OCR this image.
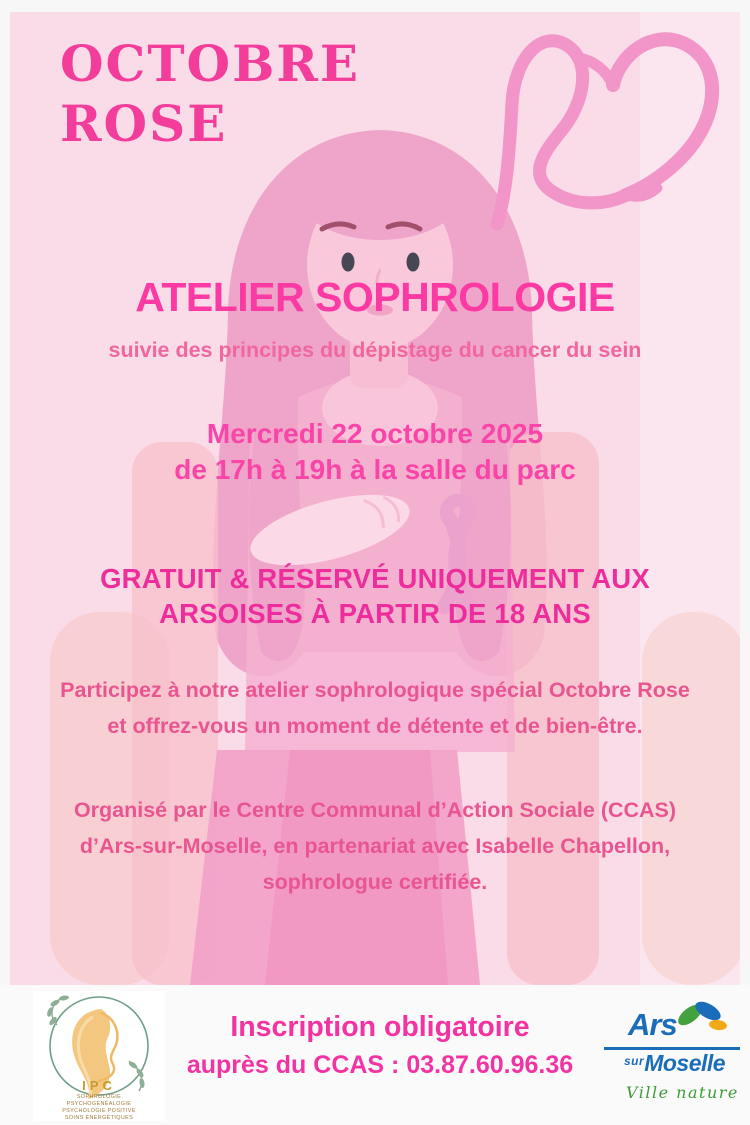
OCTOBRE
ROSE
ATELIER SOPHROLOGIE
suivie des principes du dépistage du cancer du sein
Mercredi 22 octobre 2025
de 17h à 19h à la salle du parc
GRATUIT & RÉSERVÉ UNIQUEMENT AUX
ARSOISES À PARTIR DE 18 ANS
Participez à notre atelier sophrologique spécial Octobre Rose et offrez-vous un moment de détente et de bien-être.
Organisé par le Centre Communal d’Action Sociale (CCAS) d’Ars-sur-Moselle, en partenariat avec Isabelle Chapellon, sophrologue certifiée.
IPC
SOPHROLOGIE
PSYCHOGÉNÉALOGIE
PSYCHOLOGIE POSITIVE
SOINS ÉNERGÉTIQUES
Inscription obligatoire
auprès du CCAS : 03.87.60.96.36
Ars
$^{sur}$Moselle
Ville nature
